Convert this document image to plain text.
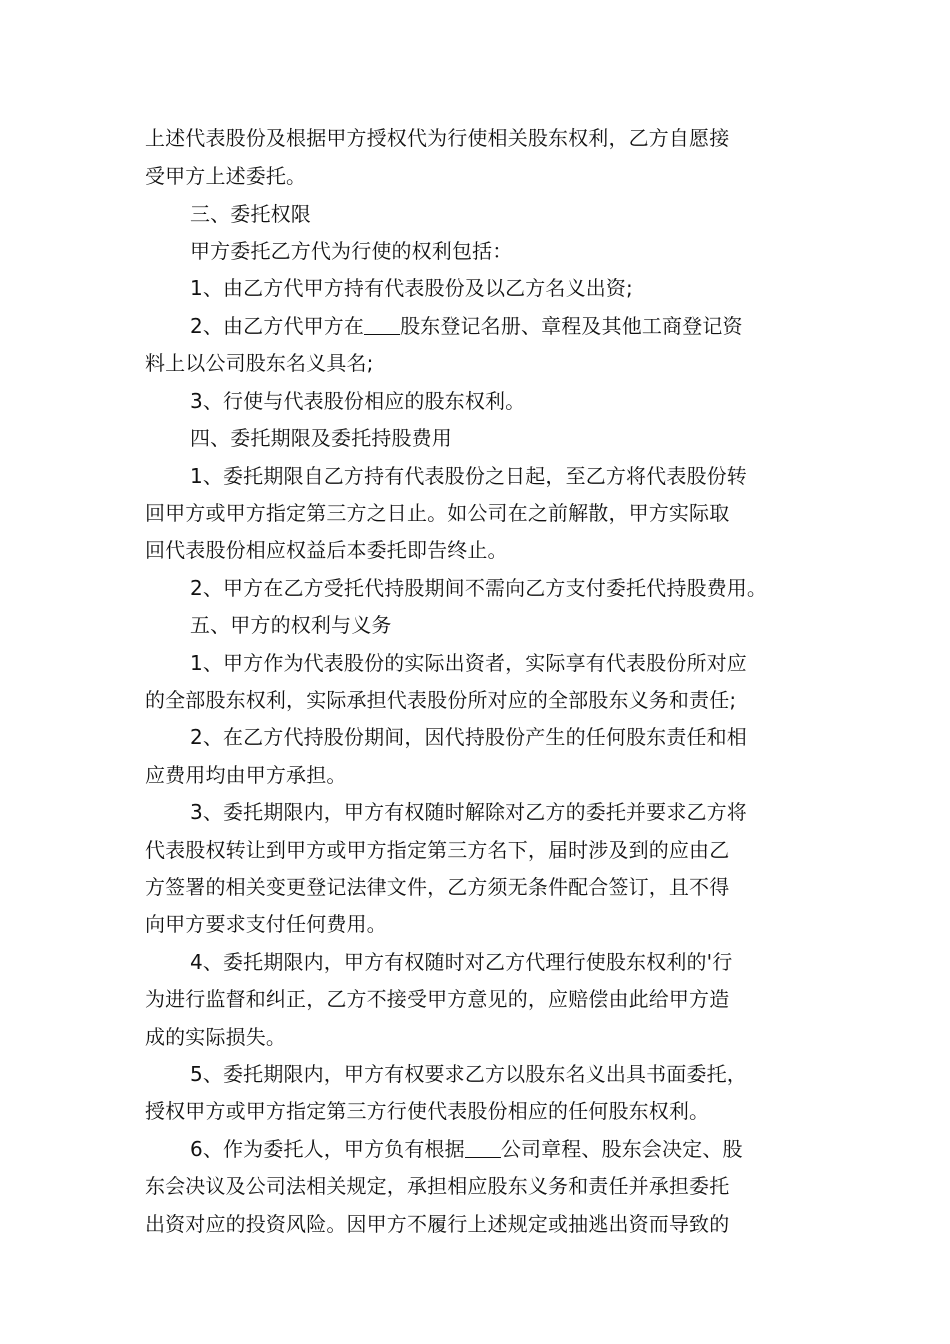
上述代表股份及根据甲方授权代为行使相关股东权利，乙方自愿接
受甲方上述委托。
三、委托权限
甲方委托乙方代为行使的权利包括：
1、由乙方代甲方持有代表股份及以乙方名义出资;
2、由乙方代甲方在 股东登记名册、章程及其他工商登记资
料上以公司股东名义具名;
3、行使与代表股份相应的股东权利。
四、委托期限及委托持股费用
1、委托期限自乙方持有代表股份之日起，至乙方将代表股份转
回甲方或甲方指定第三方之日止。如公司在之前解散，甲方实际取
回代表股份相应权益后本委托即告终止。
2、甲方在乙方受托代持股期间不需向乙方支付委托代持股费用。
五、甲方的权利与义务
1、甲方作为代表股份的实际出资者，实际享有代表股份所对应
的全部股东权利，实际承担代表股份所对应的全部股东义务和责任;
2、在乙方代持股份期间，因代持股份产生的任何股东责任和相
应费用均由甲方承担。
3、委托期限内，甲方有权随时解除对乙方的委托并要求乙方将
代表股权转让到甲方或甲方指定第三方名下，届时涉及到的应由乙
方签署的相关变更登记法律文件，乙方须无条件配合签订，且不得
向甲方要求支付任何费用。
4、委托期限内，甲方有权随时对乙方代理行使股东权利的'行
为进行监督和纠正，乙方不接受甲方意见的，应赔偿由此给甲方造
成的实际损失。
5、委托期限内，甲方有权要求乙方以股东名义出具书面委托，
授权甲方或甲方指定第三方行使代表股份相应的任何股东权利。
6、作为委托人，甲方负有根据 公司章程、股东会决定、股
东会决议及公司法相关规定，承担相应股东义务和责任并承担委托
出资对应的投资风险。因甲方不履行上述规定或抽逃出资而导致的
